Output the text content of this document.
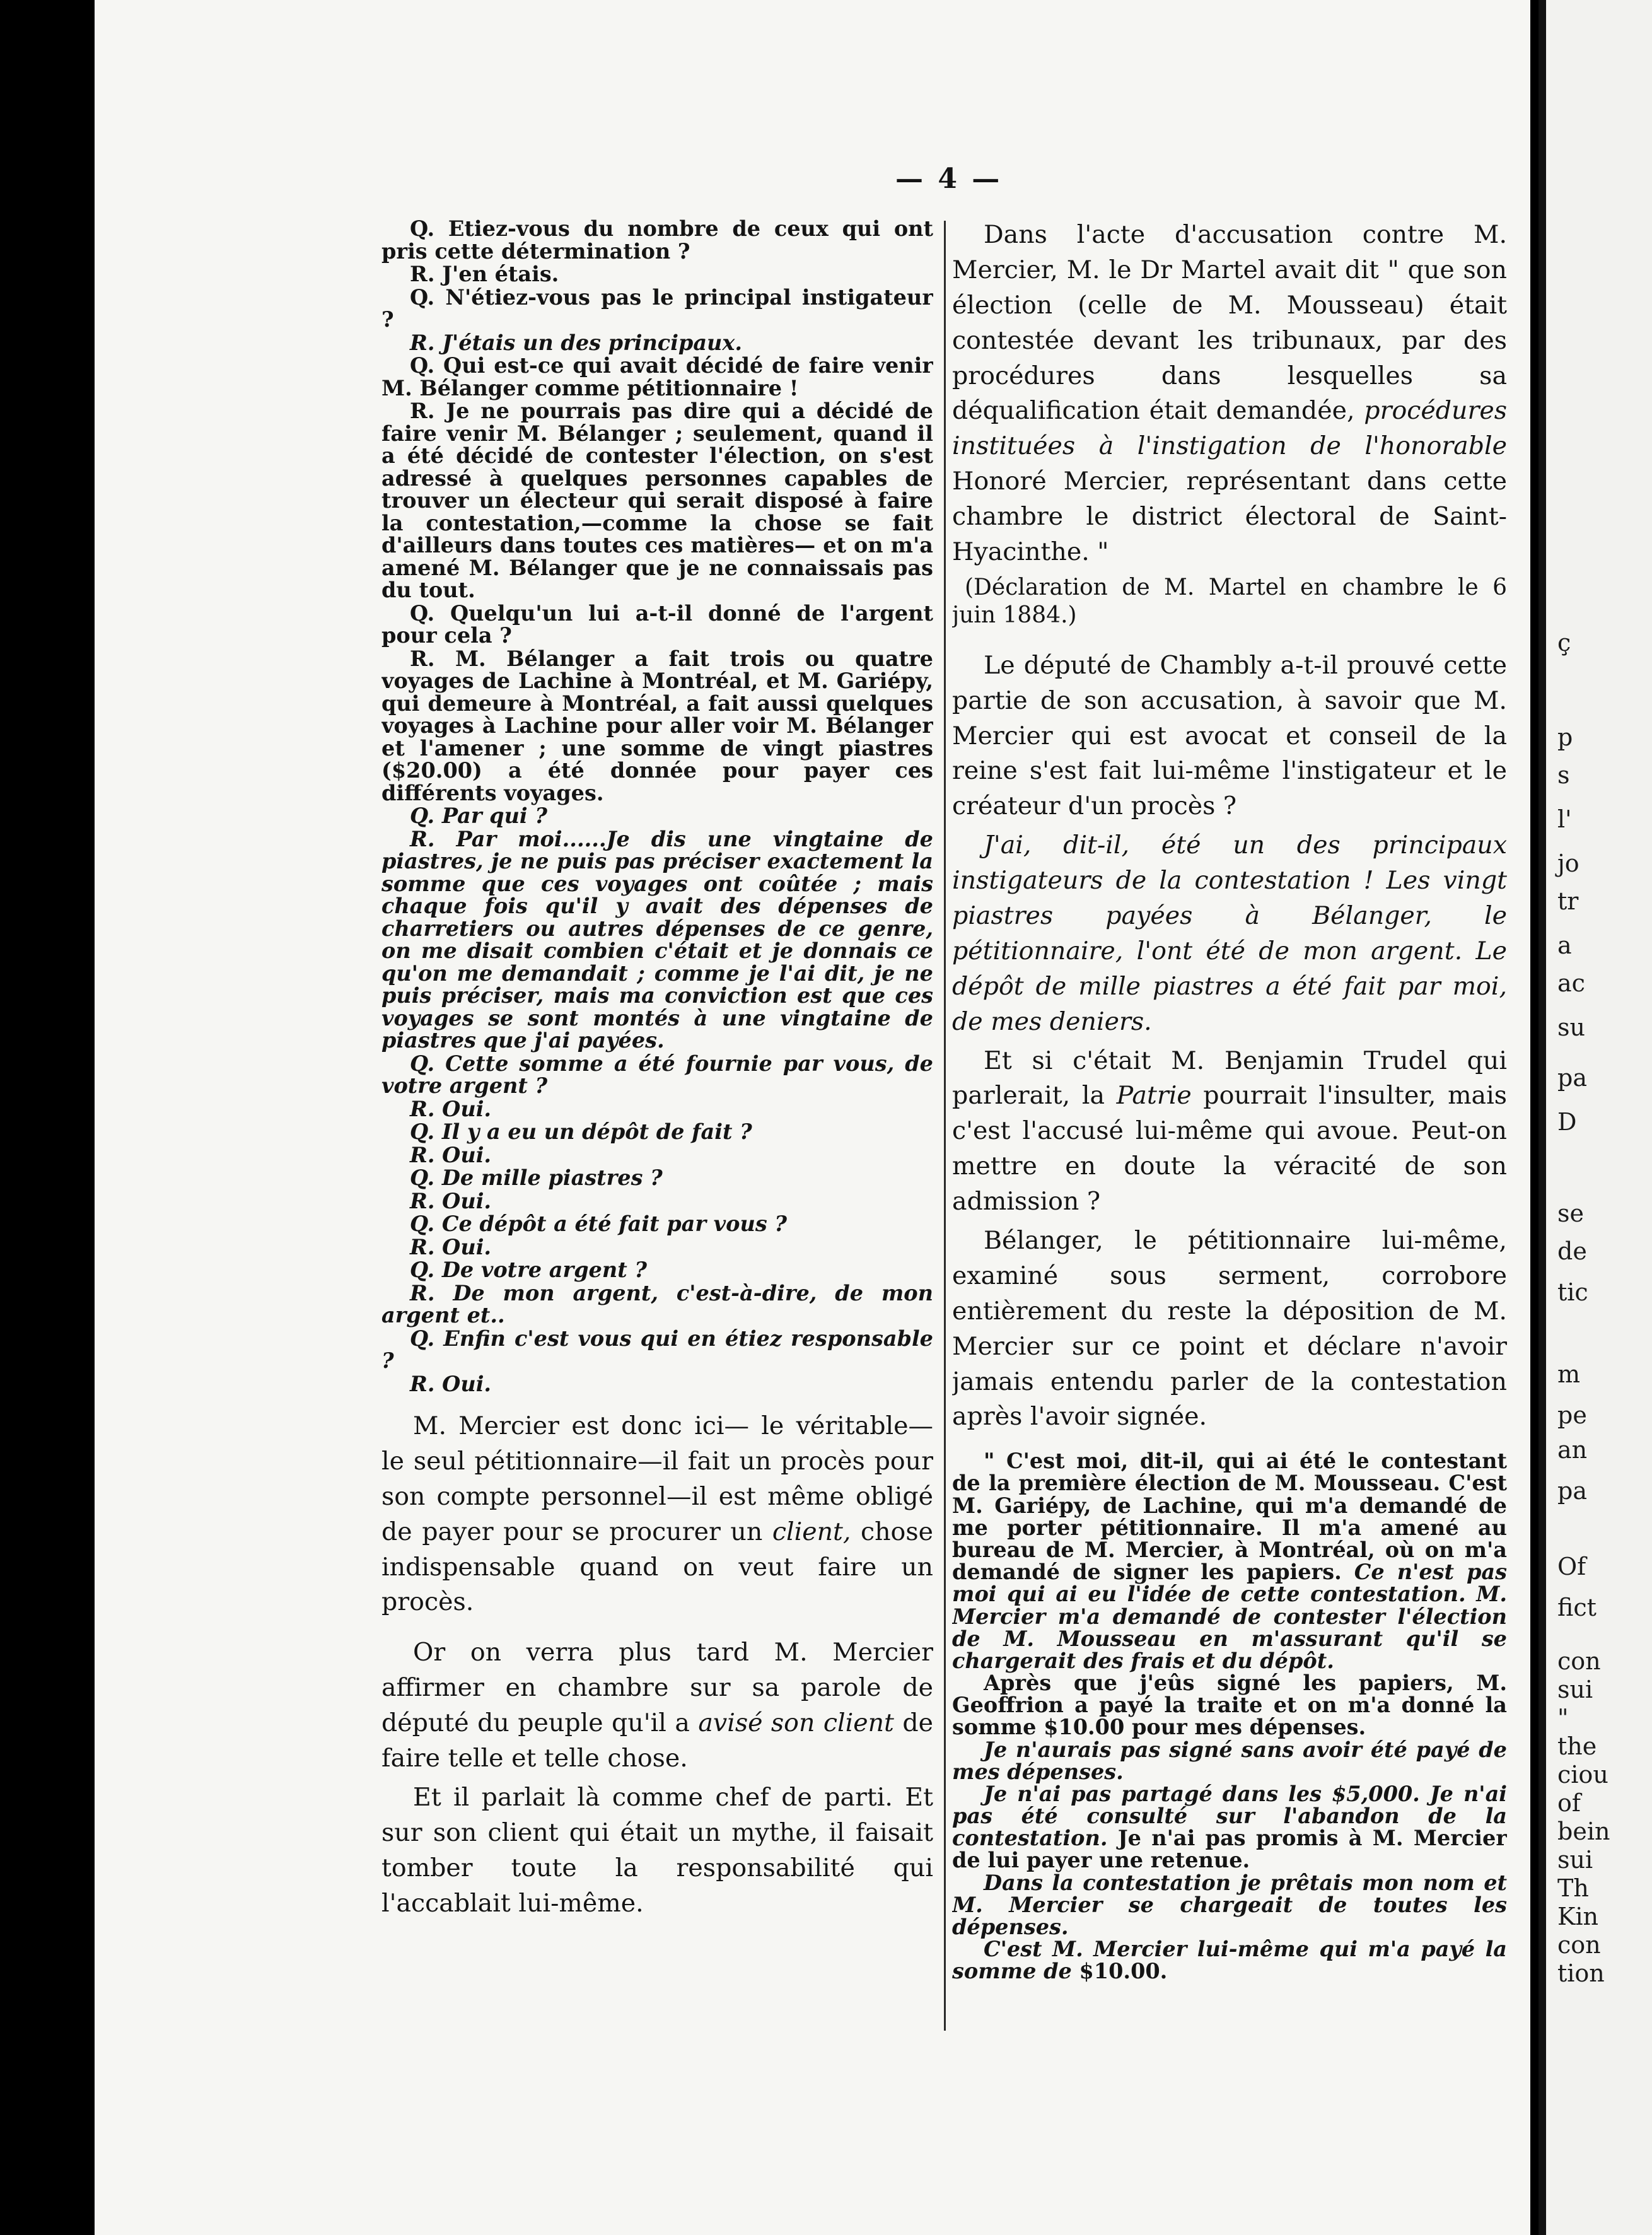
— 4 —

Q. Etiez-vous du nombre de ceux qui ont pris cette détermination ?

R. J'en étais.

Q. N'étiez-vous pas le principal instigateur ?

R. J'étais un des principaux.

Q. Qui est-ce qui avait décidé de faire venir M. Bélanger comme pétitionnaire !

R. Je ne pourrais pas dire qui a décidé de faire venir M. Bélanger ; seulement, quand il a été décidé de contester l'élection, on s'est adressé à quelques personnes capables de trouver un électeur qui serait disposé à faire la contestation,—comme la chose se fait d'ailleurs dans toutes ces matières— et on m'a amené M. Bélanger que je ne connaissais pas du tout.

Q. Quelqu'un lui a-t-il donné de l'argent pour cela ?

R. M. Bélanger a fait trois ou quatre voyages de Lachine à Montréal, et M. Gariépy, qui demeure à Montréal, a fait aussi quelques voyages à Lachine pour aller voir M. Bélanger et l'amener ; une somme de vingt piastres ($20.00) a été donnée pour payer ces différents voyages.

Q. Par qui ?

R. Par moi......Je dis une vingtaine de piastres, je ne puis pas préciser exactement la somme que ces voyages ont coûtée ; mais chaque fois qu'il y avait des dépenses de charretiers ou autres dépenses de ce genre, on me disait combien c'était et je donnais ce qu'on me demandait ; comme je l'ai dit, je ne puis préciser, mais ma conviction est que ces voyages se sont montés à une vingtaine de piastres que j'ai payées.

Q. Cette somme a été fournie par vous, de votre argent ?

R. Oui.

Q. Il y a eu un dépôt de fait ?

R. Oui.

Q. De mille piastres ?

R. Oui.

Q. Ce dépôt a été fait par vous ?

R. Oui.

Q. De votre argent ?

R. De mon argent, c'est-à-dire, de mon argent et..

Q. Enfin c'est vous qui en étiez responsable ?

R. Oui.

M. Mercier est donc ici— le véritable— le seul pétitionnaire—il fait un procès pour son compte personnel—il est même obligé de payer pour se procurer un client, chose indispensable quand on veut faire un procès.

Or on verra plus tard M. Mercier affirmer en chambre sur sa parole de député du peuple qu'il a avisé son client de faire telle et telle chose.

Et il parlait là comme chef de parti. Et sur son client qui était un mythe, il faisait tomber toute la responsabilité qui l'accablait lui-même.

Dans l'acte d'accusation contre M. Mercier, M. le Dr Martel avait dit " que son élection (celle de M. Mousseau) était contestée devant les tribunaux, par des procédures dans lesquelles sa déqualification était demandée, procédures instituées à l'instigation de l'honorable Honoré Mercier, représentant dans cette chambre le district électoral de Saint-Hyacinthe. "

(Déclaration de M. Martel en chambre le 6 juin 1884.)

Le député de Chambly a-t-il prouvé cette partie de son accusation, à savoir que M. Mercier qui est avocat et conseil de la reine s'est fait lui-même l'instigateur et le créateur d'un procès ?

J'ai, dit-il, été un des principaux instigateurs de la contestation ! Les vingt piastres payées à Bélanger, le pétitionnaire, l'ont été de mon argent. Le dépôt de mille piastres a été fait par moi, de mes deniers.

Et si c'était M. Benjamin Trudel qui parlerait, la Patrie pourrait l'insulter, mais c'est l'accusé lui-même qui avoue. Peut-on mettre en doute la véracité de son admission ?

Bélanger, le pétitionnaire lui-même, examiné sous serment, corrobore entièrement du reste la déposition de M. Mercier sur ce point et déclare n'avoir jamais entendu parler de la contestation après l'avoir signée.

" C'est moi, dit-il, qui ai été le contestant de la première élection de M. Mousseau. C'est M. Gariépy, de Lachine, qui m'a demandé de me porter pétitionnaire. Il m'a amené au bureau de M. Mercier, à Montréal, où on m'a demandé de signer les papiers. Ce n'est pas moi qui ai eu l'idée de cette contestation. M. Mercier m'a demandé de contester l'élection de M. Mousseau en m'assurant qu'il se chargerait des frais et du dépôt.

Après que j'eûs signé les papiers, M. Geoffrion a payé la traite et on m'a donné la somme $10.00 pour mes dépenses.

Je n'aurais pas signé sans avoir été payé de mes dépenses.

Je n'ai pas partagé dans les $5,000. Je n'ai pas été consulté sur l'abandon de la contestation. Je n'ai pas promis à M. Mercier de lui payer une retenue.

Dans la contestation je prêtais mon nom et M. Mercier se chargeait de toutes les dépenses.

C'est M. Mercier lui-même qui m'a payé la somme de $10.00.

ç
p
s
l'
jo
tr
a
ac
su
pa
D
se
de
tic
m
pe
an
pa
Of
fict
con
sui
"
the
ciou
of
bein
sui
Th
Kin
con
tion
